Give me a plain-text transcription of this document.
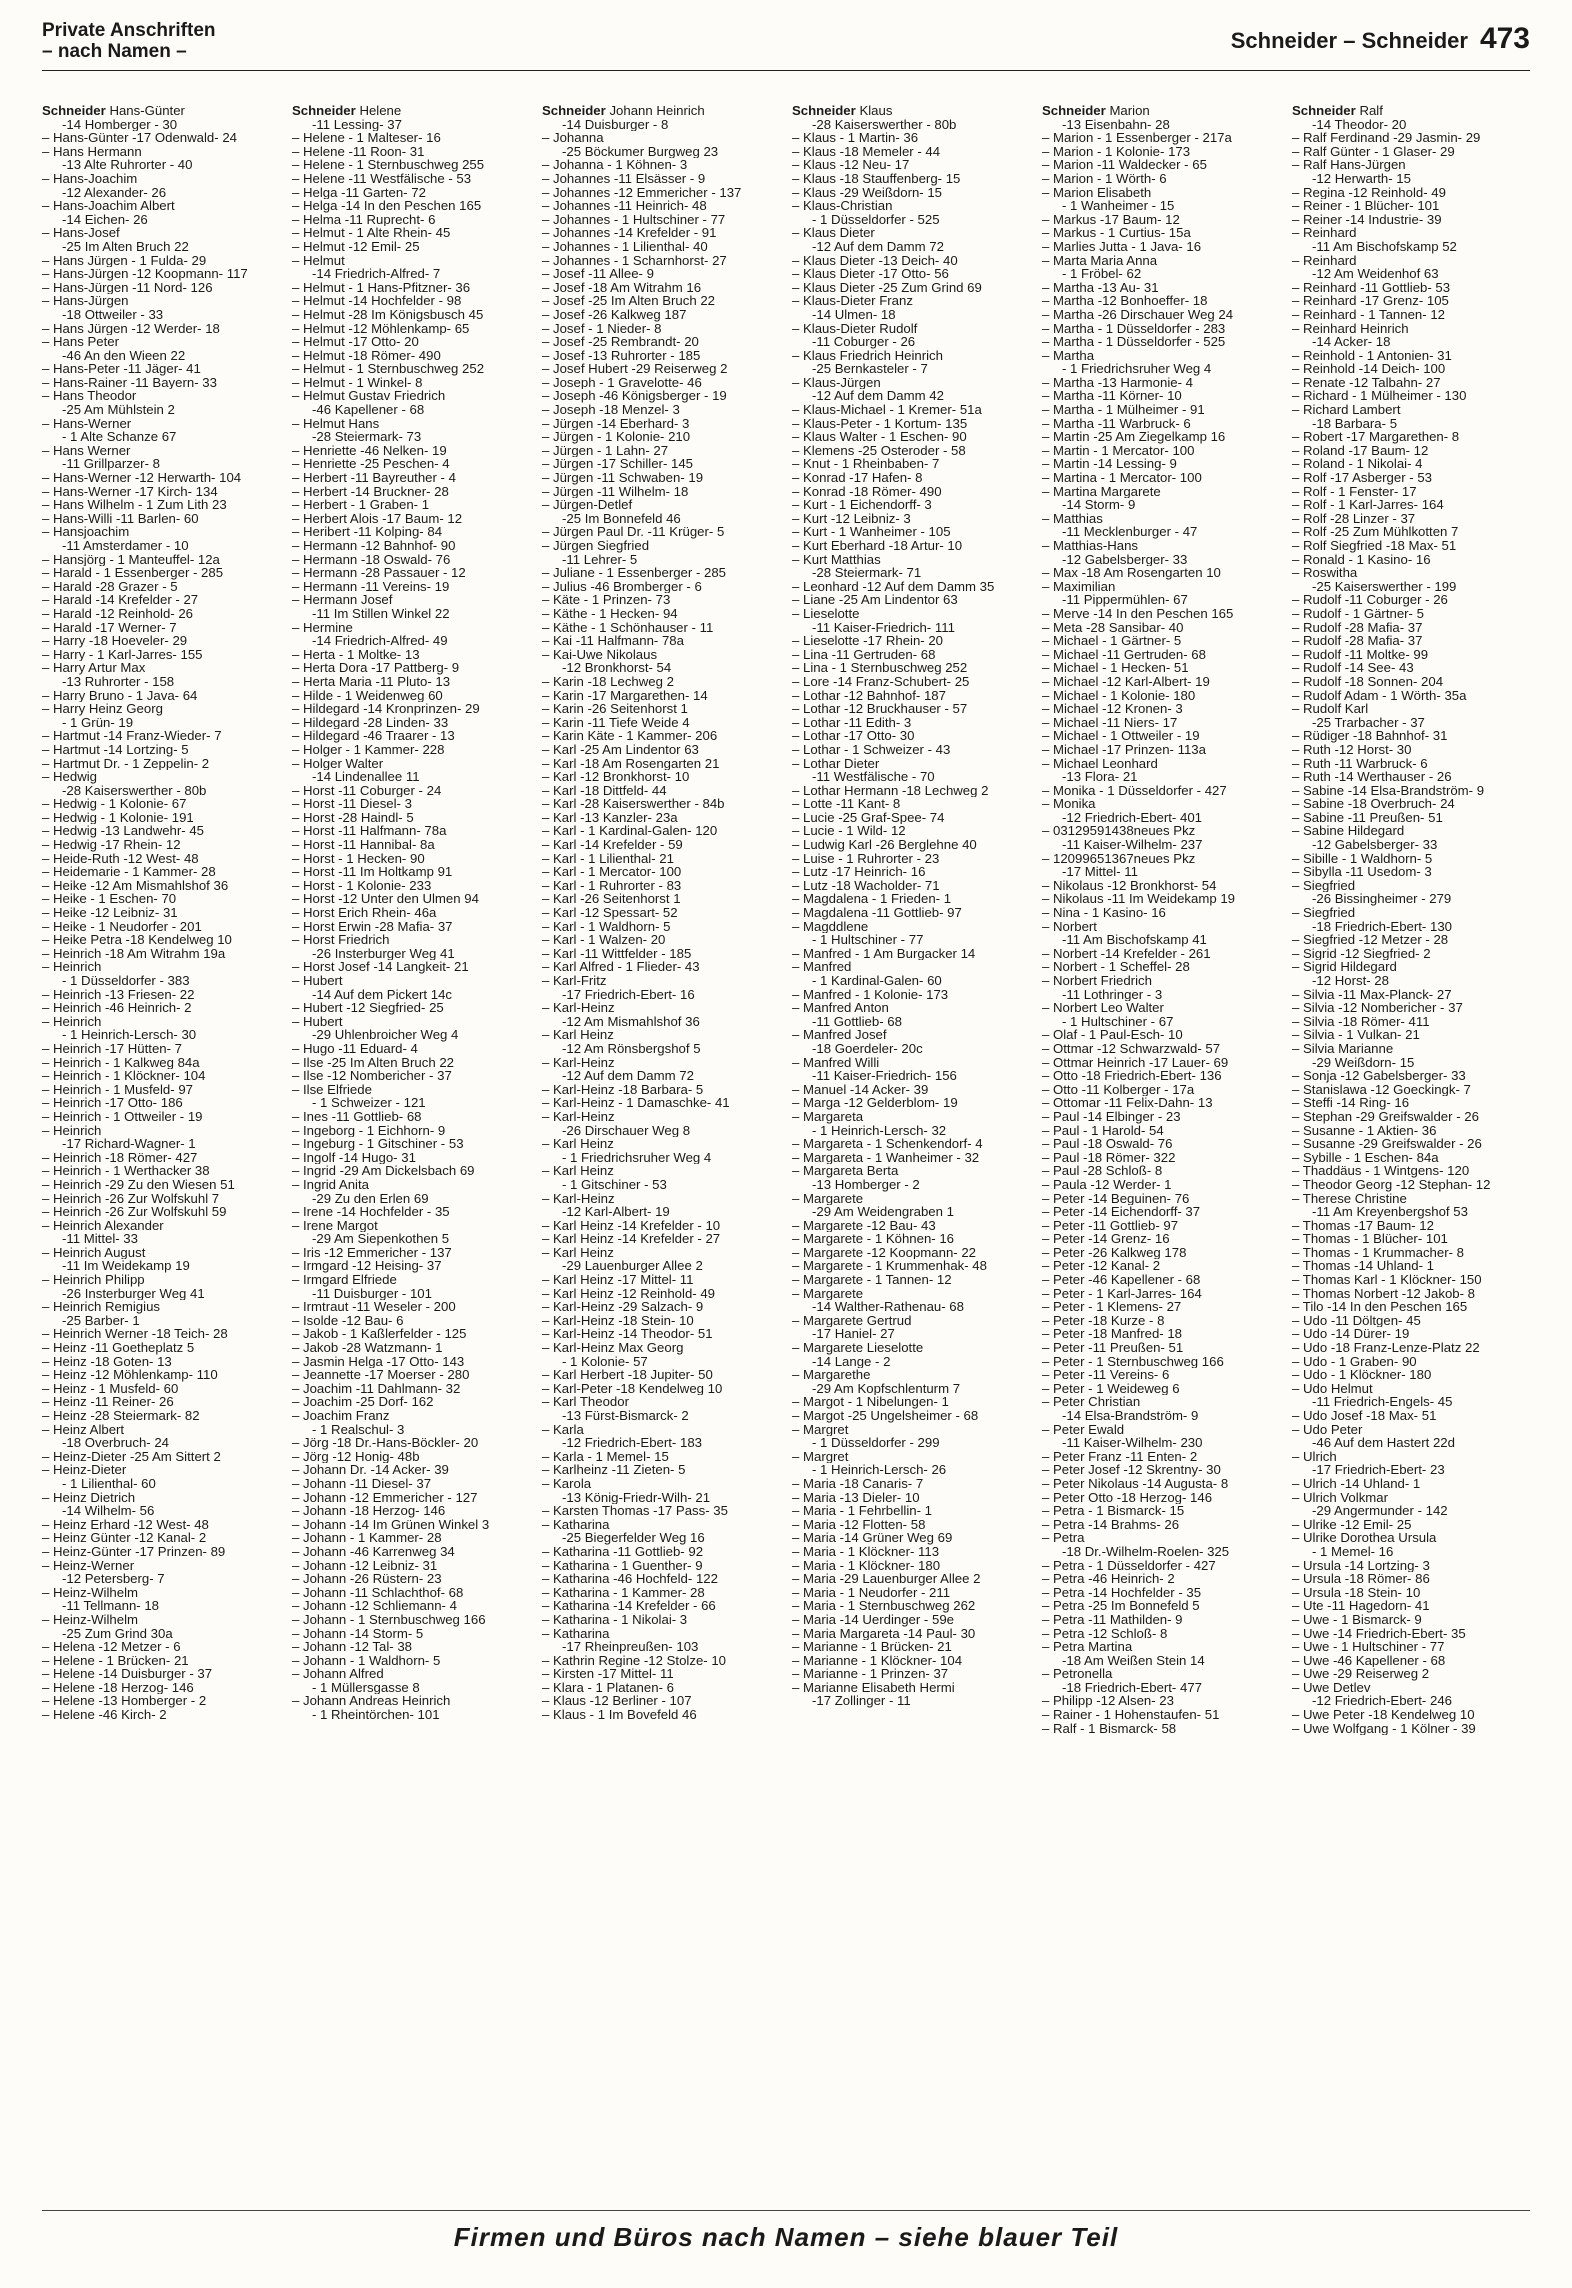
Private Anschriften
– nach Namen –	Schneider – Schneider 473
Schneider Hans-Günter
-14 Homberger - 30
– Hans-Günter -17 Odenwald- 24
– Hans Hermann
-13 Alte Ruhrorter - 40
– Hans-Joachim
-12 Alexander- 26
– Hans-Joachim Albert
-14 Eichen- 26
– Hans-Josef
-25 Im Alten Bruch 22
– Hans Jürgen - 1 Fulda- 29
– Hans-Jürgen -12 Koopmann- 117
– Hans-Jürgen -11 Nord- 126
– Hans-Jürgen
-18 Ottweiler - 33
– Hans Jürgen -12 Werder- 18
– Hans Peter
-46 An den Wieen 22
– Hans-Peter -11 Jäger- 41
– Hans-Rainer -11 Bayern- 33
– Hans Theodor
-25 Am Mühlstein 2
– Hans-Werner
- 1 Alte Schanze 67
– Hans Werner
-11 Grillparzer- 8
– Hans-Werner -12 Herwarth- 104
– Hans-Werner -17 Kirch- 134
– Hans Wilhelm - 1 Zum Lith 23
– Hans-Willi -11 Barlen- 60
– Hansjoachim
-11 Amsterdamer - 10
– Hansjörg - 1 Manteuffel- 12a
– Harald - 1 Essenberger - 285
– Harald -28 Grazer - 5
– Harald -14 Krefelder - 27
– Harald -12 Reinhold- 26
– Harald -17 Werner- 7
– Harry -18 Hoeveler- 29
– Harry - 1 Karl-Jarres- 155
– Harry Artur Max
-13 Ruhrorter - 158
– Harry Bruno - 1 Java- 64
– Harry Heinz Georg
- 1 Grün- 19
– Hartmut -14 Franz-Wieder- 7
– Hartmut -14 Lortzing- 5
– Hartmut Dr. - 1 Zeppelin- 2
– Hedwig
-28 Kaiserswerther - 80b
– Hedwig - 1 Kolonie- 67
– Hedwig - 1 Kolonie- 191
– Hedwig -13 Landwehr- 45
– Hedwig -17 Rhein- 12
– Heide-Ruth -12 West- 48
– Heidemarie - 1 Kammer- 28
– Heike -12 Am Mismahlshof 36
– Heike - 1 Eschen- 70
– Heike -12 Leibniz- 31
– Heike - 1 Neudorfer - 201
– Heike Petra -18 Kendelweg 10
– Heinrich -18 Am Witrahm 19a
– Heinrich
- 1 Düsseldorfer - 383
– Heinrich -13 Friesen- 22
– Heinrich -46 Heinrich- 2
– Heinrich
- 1 Heinrich-Lersch- 30
– Heinrich -17 Hütten- 7
– Heinrich - 1 Kalkweg 84a
– Heinrich - 1 Klöckner- 104
– Heinrich - 1 Musfeld- 97
– Heinrich -17 Otto- 186
– Heinrich - 1 Ottweiler - 19
– Heinrich
-17 Richard-Wagner- 1
– Heinrich -18 Römer- 427
– Heinrich - 1 Werthacker 38
– Heinrich -29 Zu den Wiesen 51
– Heinrich -26 Zur Wolfskuhl 7
– Heinrich -26 Zur Wolfskuhl 59
– Heinrich Alexander
-11 Mittel- 33
– Heinrich August
-11 Im Weidekamp 19
– Heinrich Philipp
-26 Insterburger Weg 41
– Heinrich Remigius
-25 Barber- 1
– Heinrich Werner -18 Teich- 28
– Heinz -11 Goetheplatz 5
– Heinz -18 Goten- 13
– Heinz -12 Möhlenkamp- 110
– Heinz - 1 Musfeld- 60
– Heinz -11 Reiner- 26
– Heinz -28 Steiermark- 82
– Heinz Albert
-18 Overbruch- 24
– Heinz-Dieter -25 Am Sittert 2
– Heinz-Dieter
- 1 Lilienthal- 60
– Heinz Dietrich
-14 Wilhelm- 56
– Heinz Erhard -12 West- 48
– Heinz Günter -12 Kanal- 2
– Heinz-Günter -17 Prinzen- 89
– Heinz-Werner
-12 Petersberg- 7
– Heinz-Wilhelm
-11 Tellmann- 18
– Heinz-Wilhelm
-25 Zum Grind 30a
– Helena -12 Metzer - 6
– Helene - 1 Brücken- 21
– Helene -14 Duisburger - 37
– Helene -18 Herzog- 146
– Helene -13 Homberger - 2
– Helene -46 Kirch- 2
Schneider Helene
-11 Lessing- 37
– Helene - 1 Malteser- 16
– Helene -11 Roon- 31
– Helene - 1 Sternbuschweg 255
– Helene -11 Westfälische - 53
– Helga -11 Garten- 72
– Helga -14 In den Peschen 165
– Helma -11 Ruprecht- 6
– Helmut - 1 Alte Rhein- 45
– Helmut -12 Emil- 25
– Helmut
-14 Friedrich-Alfred- 7
– Helmut - 1 Hans-Pfitzner- 36
– Helmut -14 Hochfelder - 98
– Helmut -28 Im Königsbusch 45
– Helmut -12 Möhlenkamp- 65
– Helmut -17 Otto- 20
– Helmut -18 Römer- 490
– Helmut - 1 Sternbuschweg 252
– Helmut - 1 Winkel- 8
– Helmut Gustav Friedrich
-46 Kapellener - 68
– Helmut Hans
-28 Steiermark- 73
– Henriette -46 Nelken- 19
– Henriette -25 Peschen- 4
– Herbert -11 Bayreuther - 4
– Herbert -14 Bruckner- 28
– Herbert - 1 Graben- 1
– Herbert Alois -17 Baum- 12
– Heribert -11 Kolping- 84
– Hermann -12 Bahnhof- 90
– Hermann -18 Oswald- 76
– Hermann -28 Passauer - 12
– Hermann -11 Vereins- 19
– Hermann Josef
-11 Im Stillen Winkel 22
– Hermine
-14 Friedrich-Alfred- 49
– Herta - 1 Moltke- 13
– Herta Dora -17 Pattberg- 9
– Herta Maria -11 Pluto- 13
– Hilde - 1 Weidenweg 60
– Hildegard -14 Kronprinzen- 29
– Hildegard -28 Linden- 33
– Hildegard -46 Traarer - 13
– Holger - 1 Kammer- 228
– Holger Walter
-14 Lindenallee 11
– Horst -11 Coburger - 24
– Horst -11 Diesel- 3
– Horst -28 Haindl- 5
– Horst -11 Halfmann- 78a
– Horst -11 Hannibal- 8a
– Horst - 1 Hecken- 90
– Horst -11 Im Holtkamp 91
– Horst - 1 Kolonie- 233
– Horst -12 Unter den Ulmen 94
– Horst Erich Rhein- 46a
– Horst Erwin -28 Mafia- 37
– Horst Friedrich
-26 Insterburger Weg 41
– Horst Josef -14 Langkeit- 21
– Hubert
-14 Auf dem Pickert 14c
– Hubert -12 Siegfried- 25
– Hubert
-29 Uhlenbroicher Weg 4
– Hugo -11 Eduard- 4
– Ilse -25 Im Alten Bruch 22
– Ilse -12 Nombericher - 37
– Ilse Elfriede
- 1 Schweizer - 121
– Ines -11 Gottlieb- 68
– Ingeborg - 1 Eichhorn- 9
– Ingeburg - 1 Gitschiner - 53
– Ingolf -14 Hugo- 31
– Ingrid -29 Am Dickelsbach 69
– Ingrid Anita
-29 Zu den Erlen 69
– Irene -14 Hochfelder - 35
– Irene Margot
-29 Am Siepenkothen 5
– Iris -12 Emmericher - 137
– Irmgard -12 Heising- 37
– Irmgard Elfriede
-11 Duisburger - 101
– Irmtraut -11 Weseler - 200
– Isolde -12 Bau- 6
– Jakob - 1 Kaßlerfelder - 125
– Jakob -28 Watzmann- 1
– Jasmin Helga -17 Otto- 143
– Jeannette -17 Moerser - 280
– Joachim -11 Dahlmann- 32
– Joachim -25 Dorf- 162
– Joachim Franz
- 1 Realschul- 3
– Jörg -18 Dr.-Hans-Böckler- 20
– Jörg -12 Honig- 48b
– Johann Dr. -14 Acker- 39
– Johann -11 Diesel- 37
– Johann -12 Emmericher - 127
– Johann -18 Herzog- 146
– Johann -14 Im Grünen Winkel 3
– Johann - 1 Kammer- 28
– Johann -46 Karrenweg 34
– Johann -12 Leibniz- 31
– Johann -26 Rüstern- 23
– Johann -11 Schlachthof- 68
– Johann -12 Schliemann- 4
– Johann - 1 Sternbuschweg 166
– Johann -14 Storm- 5
– Johann -12 Tal- 38
– Johann - 1 Waldhorn- 5
– Johann Alfred
- 1 Müllersgasse 8
– Johann Andreas Heinrich
- 1 Rheintörchen- 101
Schneider Johann Heinrich
-14 Duisburger - 8
– Johanna
-25 Böckumer Burgweg 23
– Johanna - 1 Köhnen- 3
– Johannes -11 Elsässer - 9
– Johannes -12 Emmericher - 137
– Johannes -11 Heinrich- 48
– Johannes - 1 Hultschiner - 77
– Johannes -14 Krefelder - 91
– Johannes - 1 Lilienthal- 40
– Johannes - 1 Scharnhorst- 27
– Josef -11 Allee- 9
– Josef -18 Am Witrahm 16
– Josef -25 Im Alten Bruch 22
– Josef -26 Kalkweg 187
– Josef - 1 Nieder- 8
– Josef -25 Rembrandt- 20
– Josef -13 Ruhrorter - 185
– Josef Hubert -29 Reiserweg 2
– Joseph - 1 Gravelotte- 46
– Joseph -46 Königsberger - 19
– Joseph -18 Menzel- 3
– Jürgen -14 Eberhard- 3
– Jürgen - 1 Kolonie- 210
– Jürgen - 1 Lahn- 27
– Jürgen -17 Schiller- 145
– Jürgen -11 Schwaben- 19
– Jürgen -11 Wilhelm- 18
– Jürgen-Detlef
-25 Im Bonnefeld 46
– Jürgen Paul Dr. -11 Krüger- 5
– Jürgen Siegfried
-11 Lehrer- 5
– Juliane - 1 Essenberger - 285
– Julius -46 Bromberger - 6
– Käte - 1 Prinzen- 73
– Käthe - 1 Hecken- 94
– Käthe - 1 Schönhauser - 11
– Kai -11 Halfmann- 78a
– Kai-Uwe Nikolaus
-12 Bronkhorst- 54
– Karin -18 Lechweg 2
– Karin -17 Margarethen- 14
– Karin -26 Seitenhorst 1
– Karin -11 Tiefe Weide 4
– Karin Käte - 1 Kammer- 206
– Karl -25 Am Lindentor 63
– Karl -18 Am Rosengarten 21
– Karl -12 Bronkhorst- 10
– Karl -18 Dittfeld- 44
– Karl -28 Kaiserswerther - 84b
– Karl -13 Kanzler- 23a
– Karl - 1 Kardinal-Galen- 120
– Karl -14 Krefelder - 59
– Karl - 1 Lilienthal- 21
– Karl - 1 Mercator- 100
– Karl - 1 Ruhrorter - 83
– Karl -26 Seitenhorst 1
– Karl -12 Spessart- 52
– Karl - 1 Waldhorn- 5
– Karl - 1 Walzen- 20
– Karl -11 Wittfelder - 185
– Karl Alfred - 1 Flieder- 43
– Karl-Fritz
-17 Friedrich-Ebert- 16
– Karl-Heinz
-12 Am Mismahlshof 36
– Karl Heinz
-12 Am Rönsbergshof 5
– Karl-Heinz
-12 Auf dem Damm 72
– Karl-Heinz -18 Barbara- 5
– Karl-Heinz - 1 Damaschke- 41
– Karl-Heinz
-26 Dirschauer Weg 8
– Karl Heinz
- 1 Friedrichsruher Weg 4
– Karl Heinz
- 1 Gitschiner - 53
– Karl-Heinz
-12 Karl-Albert- 19
– Karl Heinz -14 Krefelder - 10
– Karl Heinz -14 Krefelder - 27
– Karl Heinz
-29 Lauenburger Allee 2
– Karl Heinz -17 Mittel- 11
– Karl Heinz -12 Reinhold- 49
– Karl-Heinz -29 Salzach- 9
– Karl-Heinz -18 Stein- 10
– Karl-Heinz -14 Theodor- 51
– Karl-Heinz Max Georg
- 1 Kolonie- 57
– Karl Herbert -18 Jupiter- 50
– Karl-Peter -18 Kendelweg 10
– Karl Theodor
-13 Fürst-Bismarck- 2
– Karla
-12 Friedrich-Ebert- 183
– Karla - 1 Memel- 15
– Karlheinz -11 Zieten- 5
– Karola
-13 König-Friedr-Wilh- 21
– Karsten Thomas -17 Pass- 35
– Katharina
-25 Biegerfelder Weg 16
– Katharina -11 Gottlieb- 92
– Katharina - 1 Guenther- 9
– Katharina -46 Hochfeld- 122
– Katharina - 1 Kammer- 28
– Katharina -14 Krefelder - 66
– Katharina - 1 Nikolai- 3
– Katharina
-17 Rheinpreußen- 103
– Kathrin Regine -12 Stolze- 10
– Kirsten -17 Mittel- 11
– Klara - 1 Platanen- 6
– Klaus -12 Berliner - 107
– Klaus - 1 Im Bovefeld 46
Schneider Klaus
-28 Kaiserswerther - 80b
– Klaus - 1 Martin- 36
– Klaus -18 Memeler - 44
– Klaus -12 Neu- 17
– Klaus -18 Stauffenberg- 15
– Klaus -29 Weißdorn- 15
– Klaus-Christian
- 1 Düsseldorfer - 525
– Klaus Dieter
-12 Auf dem Damm 72
– Klaus Dieter -13 Deich- 40
– Klaus Dieter -17 Otto- 56
– Klaus Dieter -25 Zum Grind 69
– Klaus-Dieter Franz
-14 Ulmen- 18
– Klaus-Dieter Rudolf
-11 Coburger - 26
– Klaus Friedrich Heinrich
-25 Bernkasteler - 7
– Klaus-Jürgen
-12 Auf dem Damm 42
– Klaus-Michael - 1 Kremer- 51a
– Klaus-Peter - 1 Kortum- 135
– Klaus Walter - 1 Eschen- 90
– Klemens -25 Osteroder - 58
– Knut - 1 Rheinbaben- 7
– Konrad -17 Hafen- 8
– Konrad -18 Römer- 490
– Kurt - 1 Eichendorff- 3
– Kurt -12 Leibniz- 3
– Kurt - 1 Wanheimer - 105
– Kurt Eberhard -18 Artur- 10
– Kurt Matthias
-28 Steiermark- 71
– Leonhard -12 Auf dem Damm 35
– Liane -25 Am Lindentor 63
– Lieselotte
-11 Kaiser-Friedrich- 111
– Lieselotte -17 Rhein- 20
– Lina -11 Gertruden- 68
– Lina - 1 Sternbuschweg 252
– Lore -14 Franz-Schubert- 25
– Lothar -12 Bahnhof- 187
– Lothar -12 Bruckhauser - 57
– Lothar -11 Edith- 3
– Lothar -17 Otto- 30
– Lothar - 1 Schweizer - 43
– Lothar Dieter
-11 Westfälische - 70
– Lothar Hermann -18 Lechweg 2
– Lotte -11 Kant- 8
– Lucie -25 Graf-Spee- 74
– Lucie - 1 Wild- 12
– Ludwig Karl -26 Berglehne 40
– Luise - 1 Ruhrorter - 23
– Lutz -17 Heinrich- 16
– Lutz -18 Wacholder- 71
– Magdalena - 1 Frieden- 1
– Magdalena -11 Gottlieb- 97
– Magddlene
- 1 Hultschiner - 77
– Manfred - 1 Am Burgacker 14
– Manfred
- 1 Kardinal-Galen- 60
– Manfred - 1 Kolonie- 173
– Manfred Anton
-11 Gottlieb- 68
– Manfred Josef
-18 Goerdeler- 20c
– Manfred Willi
-11 Kaiser-Friedrich- 156
– Manuel -14 Acker- 39
– Marga -12 Gelderblom- 19
– Margareta
- 1 Heinrich-Lersch- 32
– Margareta - 1 Schenkendorf- 4
– Margareta - 1 Wanheimer - 32
– Margareta Berta
-13 Homberger - 2
– Margarete
-29 Am Weidengraben 1
– Margarete -12 Bau- 43
– Margarete - 1 Köhnen- 16
– Margarete -12 Koopmann- 22
– Margarete - 1 Krummenhak- 48
– Margarete - 1 Tannen- 12
– Margarete
-14 Walther-Rathenau- 68
– Margarete Gertrud
-17 Haniel- 27
– Margarete Lieselotte
-14 Lange - 2
– Margarethe
-29 Am Kopfschlenturm 7
– Margot - 1 Nibelungen- 1
– Margot -25 Ungelsheimer - 68
– Margret
- 1 Düsseldorfer - 299
– Margret
- 1 Heinrich-Lersch- 26
– Maria -18 Canaris- 7
– Maria -13 Dieler- 10
– Maria - 1 Fehrbellin- 1
– Maria -12 Flotten- 58
– Maria -14 Grüner Weg 69
– Maria - 1 Klöckner- 113
– Maria - 1 Klöckner- 180
– Maria -29 Lauenburger Allee 2
– Maria - 1 Neudorfer - 211
– Maria - 1 Sternbuschweg 262
– Maria -14 Uerdinger - 59e
– Maria Margareta -14 Paul- 30
– Marianne - 1 Brücken- 21
– Marianne - 1 Klöckner- 104
– Marianne - 1 Prinzen- 37
– Marianne Elisabeth Hermi
-17 Zollinger - 11
Schneider Marion
-13 Eisenbahn- 28
– Marion - 1 Essenberger - 217a
– Marion - 1 Kolonie- 173
– Marion -11 Waldecker - 65
– Marion - 1 Wörth- 6
– Marion Elisabeth
- 1 Wanheimer - 15
– Markus -17 Baum- 12
– Markus - 1 Curtius- 15a
– Marlies Jutta - 1 Java- 16
– Marta Maria Anna
- 1 Fröbel- 62
– Martha -13 Au- 31
– Martha -12 Bonhoeffer- 18
– Martha -26 Dirschauer Weg 24
– Martha - 1 Düsseldorfer - 283
– Martha - 1 Düsseldorfer - 525
– Martha
- 1 Friedrichsruher Weg 4
– Martha -13 Harmonie- 4
– Martha -11 Körner- 10
– Martha - 1 Mülheimer - 91
– Martha -11 Warbruck- 6
– Martin -25 Am Ziegelkamp 16
– Martin - 1 Mercator- 100
– Martin -14 Lessing- 9
– Martina - 1 Mercator- 100
– Martina Margarete
-14 Storm- 9
– Matthias
-11 Mecklenburger - 47
– Matthias-Hans
-12 Gabelsberger- 33
– Max -18 Am Rosengarten 10
– Maximilian
-11 Pippermühlen- 67
– Merve -14 In den Peschen 165
– Meta -28 Sansibar- 40
– Michael - 1 Gärtner- 5
– Michael -11 Gertruden- 68
– Michael - 1 Hecken- 51
– Michael -12 Karl-Albert- 19
– Michael - 1 Kolonie- 180
– Michael -12 Kronen- 3
– Michael -11 Niers- 17
– Michael - 1 Ottweiler - 19
– Michael -17 Prinzen- 113a
– Michael Leonhard
-13 Flora- 21
– Monika - 1 Düsseldorfer - 427
– Monika
-12 Friedrich-Ebert- 401
– 03129591438neues Pkz
-11 Kaiser-Wilhelm- 237
– 12099651367neues Pkz
-17 Mittel- 11
– Nikolaus -12 Bronkhorst- 54
– Nikolaus -11 Im Weidekamp 19
– Nina - 1 Kasino- 16
– Norbert
-11 Am Bischofskamp 41
– Norbert -14 Krefelder - 261
– Norbert - 1 Scheffel- 28
– Norbert Friedrich
-11 Lothringer - 3
– Norbert Leo Walter
- 1 Hultschiner - 67
– Olaf - 1 Paul-Esch- 10
– Ottmar -12 Schwarzwald- 57
– Ottmar Heinrich -17 Lauer- 69
– Otto -18 Friedrich-Ebert- 136
– Otto -11 Kolberger - 17a
– Ottomar -11 Felix-Dahn- 13
– Paul -14 Elbinger - 23
– Paul - 1 Harold- 54
– Paul -18 Oswald- 76
– Paul -18 Römer- 322
– Paul -28 Schloß- 8
– Paula -12 Werder- 1
– Peter -14 Beguinen- 76
– Peter -14 Eichendorff- 37
– Peter -11 Gottlieb- 97
– Peter -14 Grenz- 16
– Peter -26 Kalkweg 178
– Peter -12 Kanal- 2
– Peter -46 Kapellener - 68
– Peter - 1 Karl-Jarres- 164
– Peter - 1 Klemens- 27
– Peter -18 Kurze - 8
– Peter -18 Manfred- 18
– Peter -11 Preußen- 51
– Peter - 1 Sternbuschweg 166
– Peter -11 Vereins- 6
– Peter - 1 Weideweg 6
– Peter Christian
-14 Elsa-Brandström- 9
– Peter Ewald
-11 Kaiser-Wilhelm- 230
– Peter Franz -11 Enten- 2
– Peter Josef -12 Skrentny- 30
– Peter Nikolaus -14 Augusta- 8
– Peter Otto -18 Herzog- 146
– Petra - 1 Bismarck- 15
– Petra -14 Brahms- 26
– Petra
-18 Dr.-Wilhelm-Roelen- 325
– Petra - 1 Düsseldorfer - 427
– Petra -46 Heinrich- 2
– Petra -14 Hochfelder - 35
– Petra -25 Im Bonnefeld 5
– Petra -11 Mathilden- 9
– Petra -12 Schloß- 8
– Petra Martina
-18 Am Weißen Stein 14
– Petronella
-18 Friedrich-Ebert- 477
– Philipp -12 Alsen- 23
– Rainer - 1 Hohenstaufen- 51
– Ralf - 1 Bismarck- 58
Schneider Ralf
-14 Theodor- 20
– Ralf Ferdinand -29 Jasmin- 29
– Ralf Günter - 1 Glaser- 29
– Ralf Hans-Jürgen
-12 Herwarth- 15
– Regina -12 Reinhold- 49
– Reiner - 1 Blücher- 101
– Reiner -14 Industrie- 39
– Reinhard
-11 Am Bischofskamp 52
– Reinhard
-12 Am Weidenhof 63
– Reinhard -11 Gottlieb- 53
– Reinhard -17 Grenz- 105
– Reinhard - 1 Tannen- 12
– Reinhard Heinrich
-14 Acker- 18
– Reinhold - 1 Antonien- 31
– Reinhold -14 Deich- 100
– Renate -12 Talbahn- 27
– Richard - 1 Mülheimer - 130
– Richard Lambert
-18 Barbara- 5
– Robert -17 Margarethen- 8
– Roland -17 Baum- 12
– Roland - 1 Nikolai- 4
– Rolf -17 Asberger - 53
– Rolf - 1 Fenster- 17
– Rolf - 1 Karl-Jarres- 164
– Rolf -28 Linzer - 37
– Rolf -25 Zum Mühlkotten 7
– Rolf Siegfried -18 Max- 51
– Ronald - 1 Kasino- 16
– Roswitha
-25 Kaiserswerther - 199
– Rudolf -11 Coburger - 26
– Rudolf - 1 Gärtner- 5
– Rudolf -28 Mafia- 37
– Rudolf -28 Mafia- 37
– Rudolf -11 Moltke- 99
– Rudolf -14 See- 43
– Rudolf -18 Sonnen- 204
– Rudolf Adam - 1 Wörth- 35a
– Rudolf Karl
-25 Trarbacher - 37
– Rüdiger -18 Bahnhof- 31
– Ruth -12 Horst- 30
– Ruth -11 Warbruck- 6
– Ruth -14 Werthauser - 26
– Sabine -14 Elsa-Brandström- 9
– Sabine -18 Overbruch- 24
– Sabine -11 Preußen- 51
– Sabine Hildegard
-12 Gabelsberger- 33
– Sibille - 1 Waldhorn- 5
– Sibylla -11 Usedom- 3
– Siegfried
-26 Bissingheimer - 279
– Siegfried
-18 Friedrich-Ebert- 130
– Siegfried -12 Metzer - 28
– Sigrid -12 Siegfried- 2
– Sigrid Hildegard
-12 Horst- 28
– Silvia -11 Max-Planck- 27
– Silvia -12 Nombericher - 37
– Silvia -18 Römer- 411
– Silvia - 1 Vulkan- 21
– Silvia Marianne
-29 Weißdorn- 15
– Sonja -12 Gabelsberger- 33
– Stanislawa -12 Goeckingk- 7
– Steffi -14 Ring- 16
– Stephan -29 Greifswalder - 26
– Susanne - 1 Aktien- 36
– Susanne -29 Greifswalder - 26
– Sybille - 1 Eschen- 84a
– Thaddäus - 1 Wintgens- 120
– Theodor Georg -12 Stephan- 12
– Therese Christine
-11 Am Kreyenbergshof 53
– Thomas -17 Baum- 12
– Thomas - 1 Blücher- 101
– Thomas - 1 Krummacher- 8
– Thomas -14 Uhland- 1
– Thomas Karl - 1 Klöckner- 150
– Thomas Norbert -12 Jakob- 8
– Tilo -14 In den Peschen 165
– Udo -11 Döltgen- 45
– Udo -14 Dürer- 19
– Udo -18 Franz-Lenze-Platz 22
– Udo - 1 Graben- 90
– Udo - 1 Klöckner- 180
– Udo Helmut
-11 Friedrich-Engels- 45
– Udo Josef -18 Max- 51
– Udo Peter
-46 Auf dem Hastert 22d
– Ulrich
-17 Friedrich-Ebert- 23
– Ulrich -14 Uhland- 1
– Ulrich Volkmar
-29 Angermunder - 142
– Ulrike -12 Emil- 25
– Ulrike Dorothea Ursula
- 1 Memel- 16
– Ursula -14 Lortzing- 3
– Ursula -18 Römer- 86
– Ursula -18 Stein- 10
– Ute -11 Hagedorn- 41
– Uwe - 1 Bismarck- 9
– Uwe -14 Friedrich-Ebert- 35
– Uwe - 1 Hultschiner - 77
– Uwe -46 Kapellener - 68
– Uwe -29 Reiserweg 2
– Uwe Detlev
-12 Friedrich-Ebert- 246
– Uwe Peter -18 Kendelweg 10
– Uwe Wolfgang - 1 Kölner - 39
Firmen und Büros nach Namen – siehe blauer Teil
